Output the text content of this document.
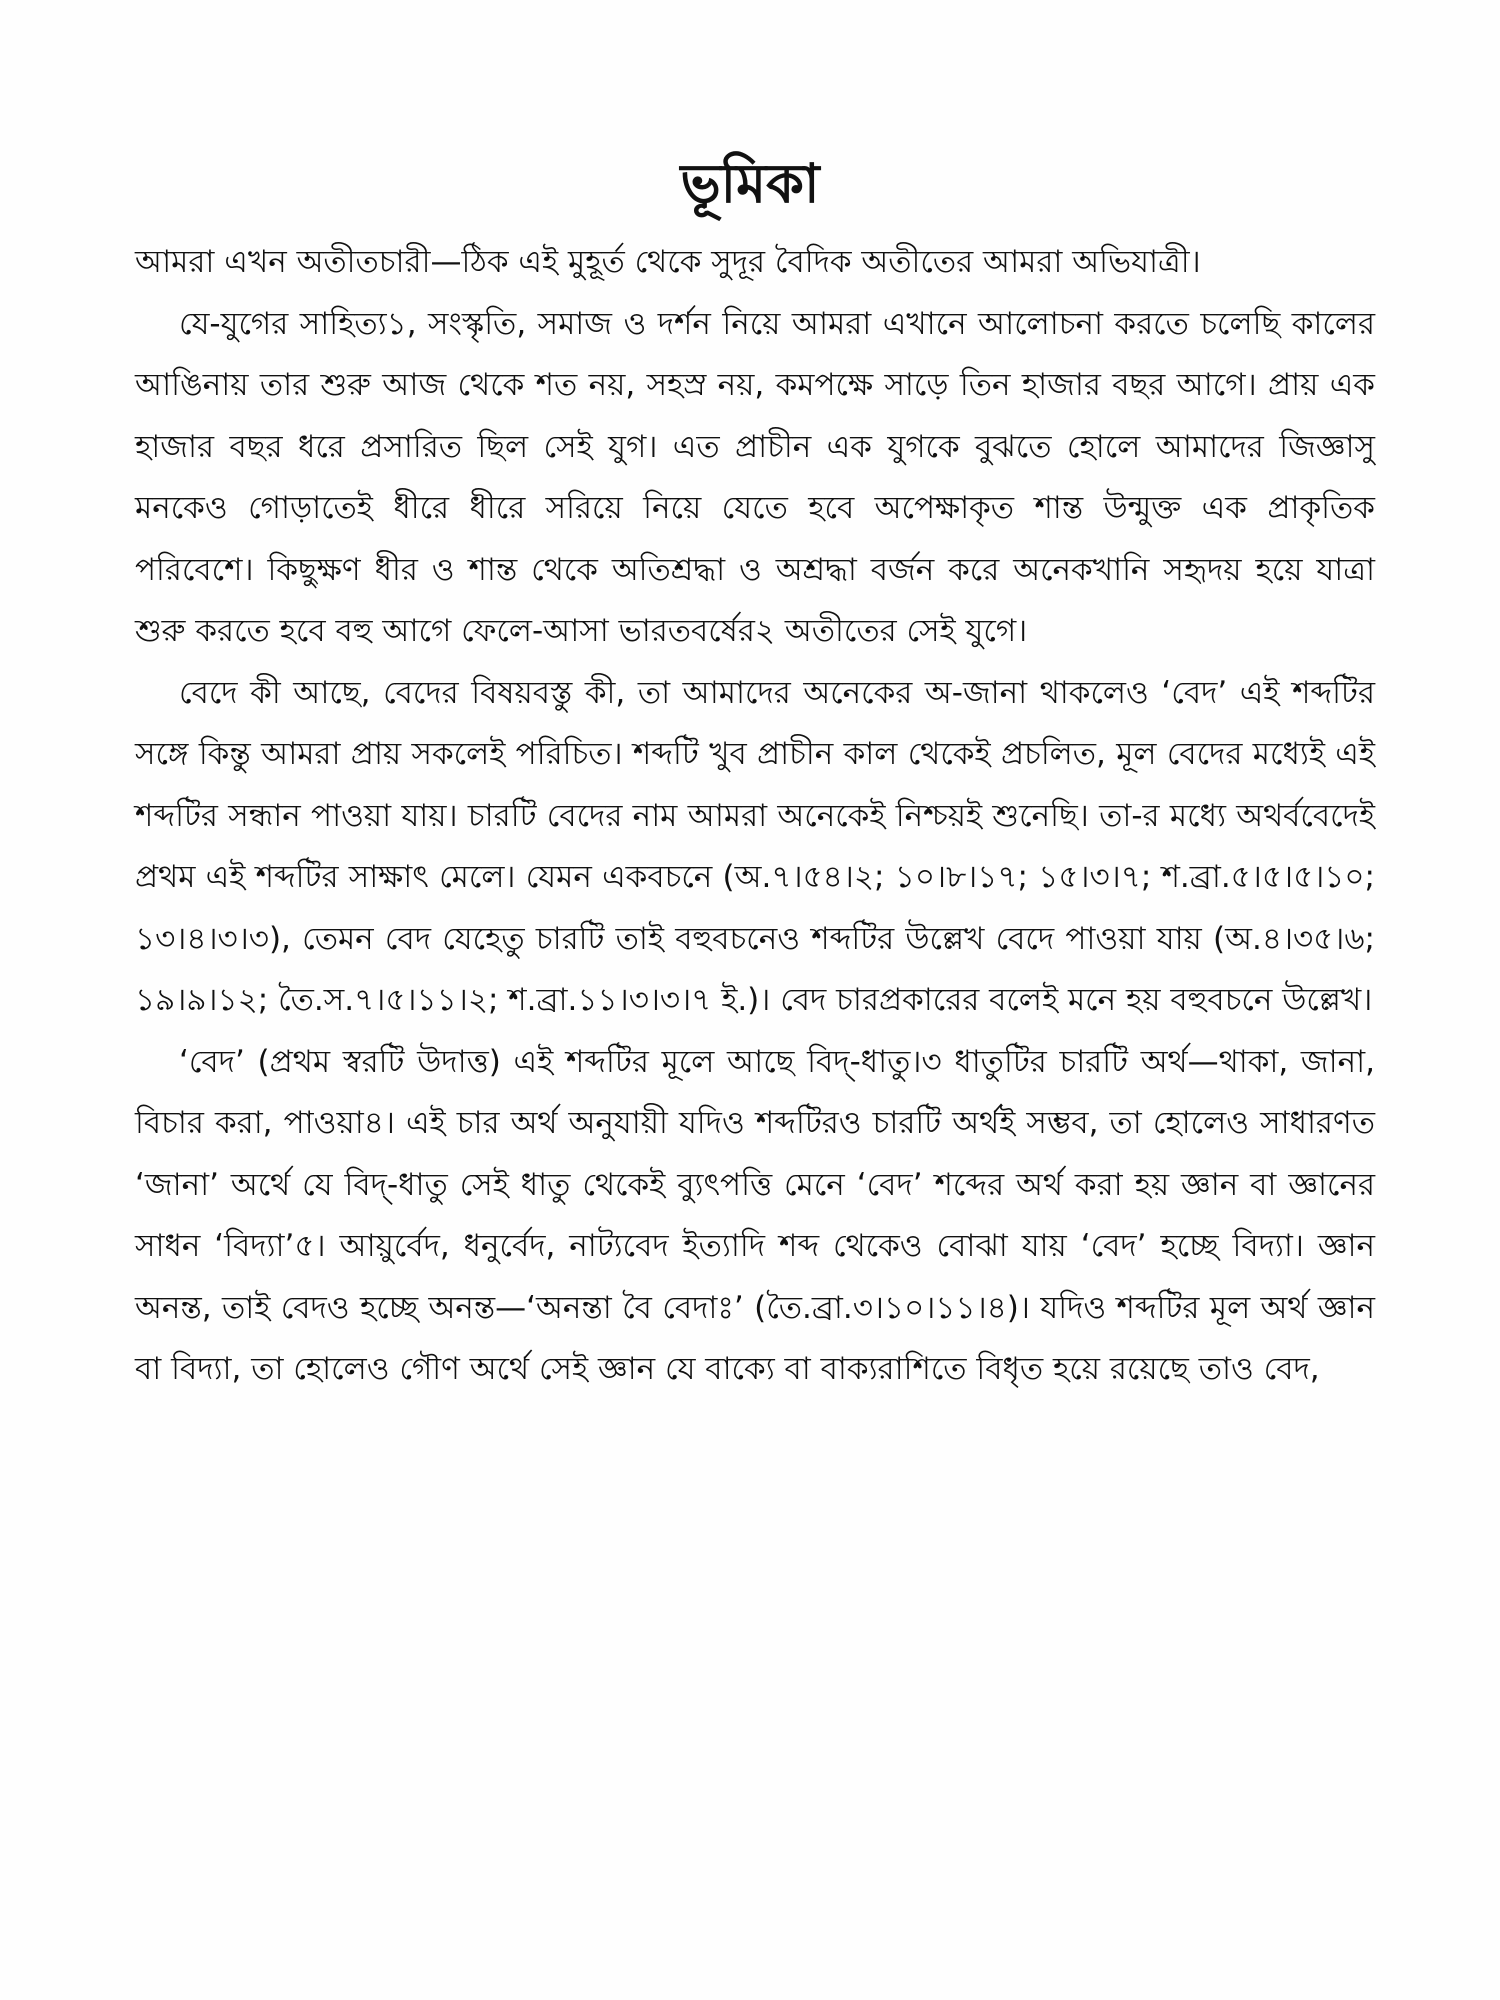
ভূমিকা

আমরা এখন অতীতচারী—ঠিক এই মুহূর্ত থেকে সুদূর বৈদিক অতীতের আমরা অভিযাত্রী।

যে-যুগের সাহিত্য১, সংস্কৃতি, সমাজ ও দর্শন নিয়ে আমরা এখানে আলোচনা করতে চলেছি কালের আঙিনায় তার শুরু আজ থেকে শত নয়, সহস্র নয়, কমপক্ষে সাড়ে তিন হাজার বছর আগে। প্রায় এক হাজার বছর ধরে প্রসারিত ছিল সেই যুগ। এত প্রাচীন এক যুগকে বুঝতে হোলে আমাদের জিজ্ঞাসু মনকেও গোড়াতেই ধীরে ধীরে সরিয়ে নিয়ে যেতে হবে অপেক্ষাকৃত শান্ত উন্মুক্ত এক প্রাকৃতিক পরিবেশে। কিছুক্ষণ ধীর ও শান্ত থেকে অতিশ্রদ্ধা ও অশ্রদ্ধা বর্জন করে অনেকখানি সহৃদয় হয়ে যাত্রা শুরু করতে হবে বহু আগে ফেলে-আসা ভারতবর্ষের২ অতীতের সেই যুগে।

বেদে কী আছে, বেদের বিষয়বস্তু কী, তা আমাদের অনেকের অ-জানা থাকলেও ‘বেদ’ এই শব্দটির সঙ্গে কিন্তু আমরা প্রায় সকলেই পরিচিত। শব্দটি খুব প্রাচীন কাল থেকেই প্রচলিত, মূল বেদের মধ্যেই এই শব্দটির সন্ধান পাওয়া যায়। চারটি বেদের নাম আমরা অনেকেই নিশ্চয়ই শুনেছি। তা-র মধ্যে অথর্ববেদেই প্রথম এই শব্দটির সাক্ষাৎ মেলে। যেমন একবচনে (অ.৭।৫৪।২; ১০।৮।১৭; ১৫।৩।৭; শ.ব্রা.৫।৫।৫।১০; ১৩।৪।৩।৩), তেমন বেদ যেহেতু চারটি তাই বহুবচনেও শব্দটির উল্লেখ বেদে পাওয়া যায় (অ.৪।৩৫।৬; ১৯।৯।১২; তৈ.স.৭।৫।১১।২; শ.ব্রা.১১।৩।৩।৭ ই.)। বেদ চারপ্রকারের বলেই মনে হয় বহুবচনে উল্লেখ।

‘বেদ’ (প্রথম স্বরটি উদাত্ত) এই শব্দটির মূলে আছে বিদ্-ধাতু।৩ ধাতুটির চারটি অর্থ—থাকা, জানা, বিচার করা, পাওয়া৪। এই চার অর্থ অনুযায়ী যদিও শব্দটিরও চারটি অর্থই সম্ভব, তা হোলেও সাধারণত ‘জানা’ অর্থে যে বিদ্-ধাতু সেই ধাতু থেকেই ব্যুৎপত্তি মেনে ‘বেদ’ শব্দের অর্থ করা হয় জ্ঞান বা জ্ঞানের সাধন ‘বিদ্যা’৫। আয়ুর্বেদ, ধনুর্বেদ, নাট্যবেদ ইত্যাদি শব্দ থেকেও বোঝা যায় ‘বেদ’ হচ্ছে বিদ্যা। জ্ঞান অনন্ত, তাই বেদও হচ্ছে অনন্ত—‘অনন্তা বৈ বেদাঃ’ (তৈ.ব্রা.৩।১০।১১।৪)। যদিও শব্দটির মূল অর্থ জ্ঞান বা বিদ্যা, তা হোলেও গৌণ অর্থে সেই জ্ঞান যে বাক্যে বা বাক্যরাশিতে বিধৃত হয়ে রয়েছে তাও বেদ,
